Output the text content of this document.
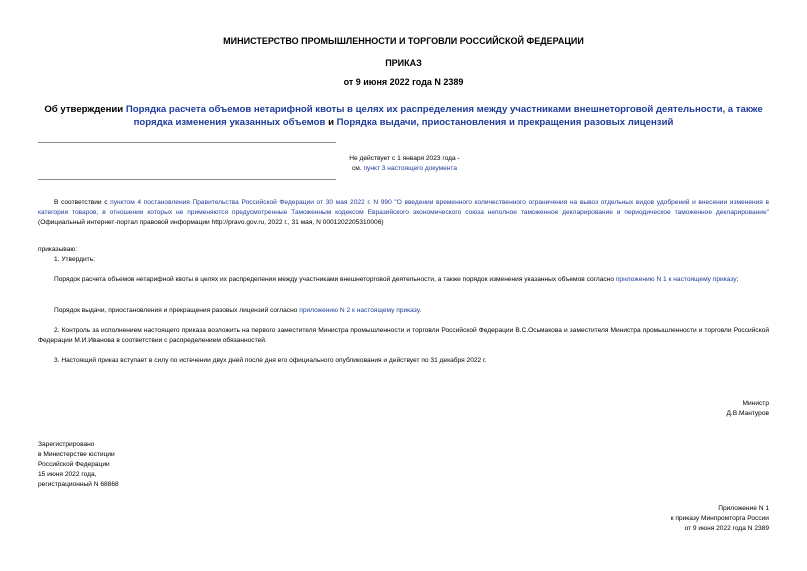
МИНИСТЕРСТВО ПРОМЫШЛЕННОСТИ И ТОРГОВЛИ РОССИЙСКОЙ ФЕДЕРАЦИИ
ПРИКАЗ
от 9 июня 2022 года N 2389
Об утверждении Порядка расчета объемов нетарифной квоты в целях их распределения между участниками внешнеторговой деятельности, а также порядка изменения указанных объемов и Порядка выдачи, приостановления и прекращения разовых лицензий
Не действует с 1 января 2023 года -
см. пункт 3 настоящего документа
В соответствии с пунктом 4 постановления Правительства Российской Федерации от 30 мая 2022 г. N 990 "О введении временного количественного ограничения на вывоз отдельных видов удобрений и внесении изменения в категории товаров, в отношении которых не применяются предусмотренные Таможенным кодексом Евразийского экономического союза неполное таможенное декларирование и периодическое таможенное декларирование" (Официальный интернет-портал правовой информации http://pravo.gov.ru, 2022 г., 31 мая, N 0001202205310006)
приказываю:
1. Утвердить:
Порядок расчета объемов нетарифной квоты в целях их распределения между участниками внешнеторговой деятельности, а также порядок изменения указанных объемов согласно приложению N 1 к настоящему приказу;
Порядок выдачи, приостановления и прекращения разовых лицензий согласно приложению N 2 к настоящему приказу.
2. Контроль за исполнением настоящего приказа возложить на первого заместителя Министра промышленности и торговли Российской Федерации В.С.Осьмакова и заместителя Министра промышленности и торговли Российской Федерации М.И.Иванова в соответствии с распределением обязанностей.
3. Настоящий приказ вступает в силу по истечении двух дней после дня его официального опубликования и действует по 31 декабря 2022 г.
Министр
Д.В.Мантуров
Зарегистрировано
в Министерстве юстиции
Российской Федерации
15 июня 2022 года,
регистрационный N 68868
Приложение N 1
к приказу Минпромторга России
от 9 июня 2022 года N 2389
